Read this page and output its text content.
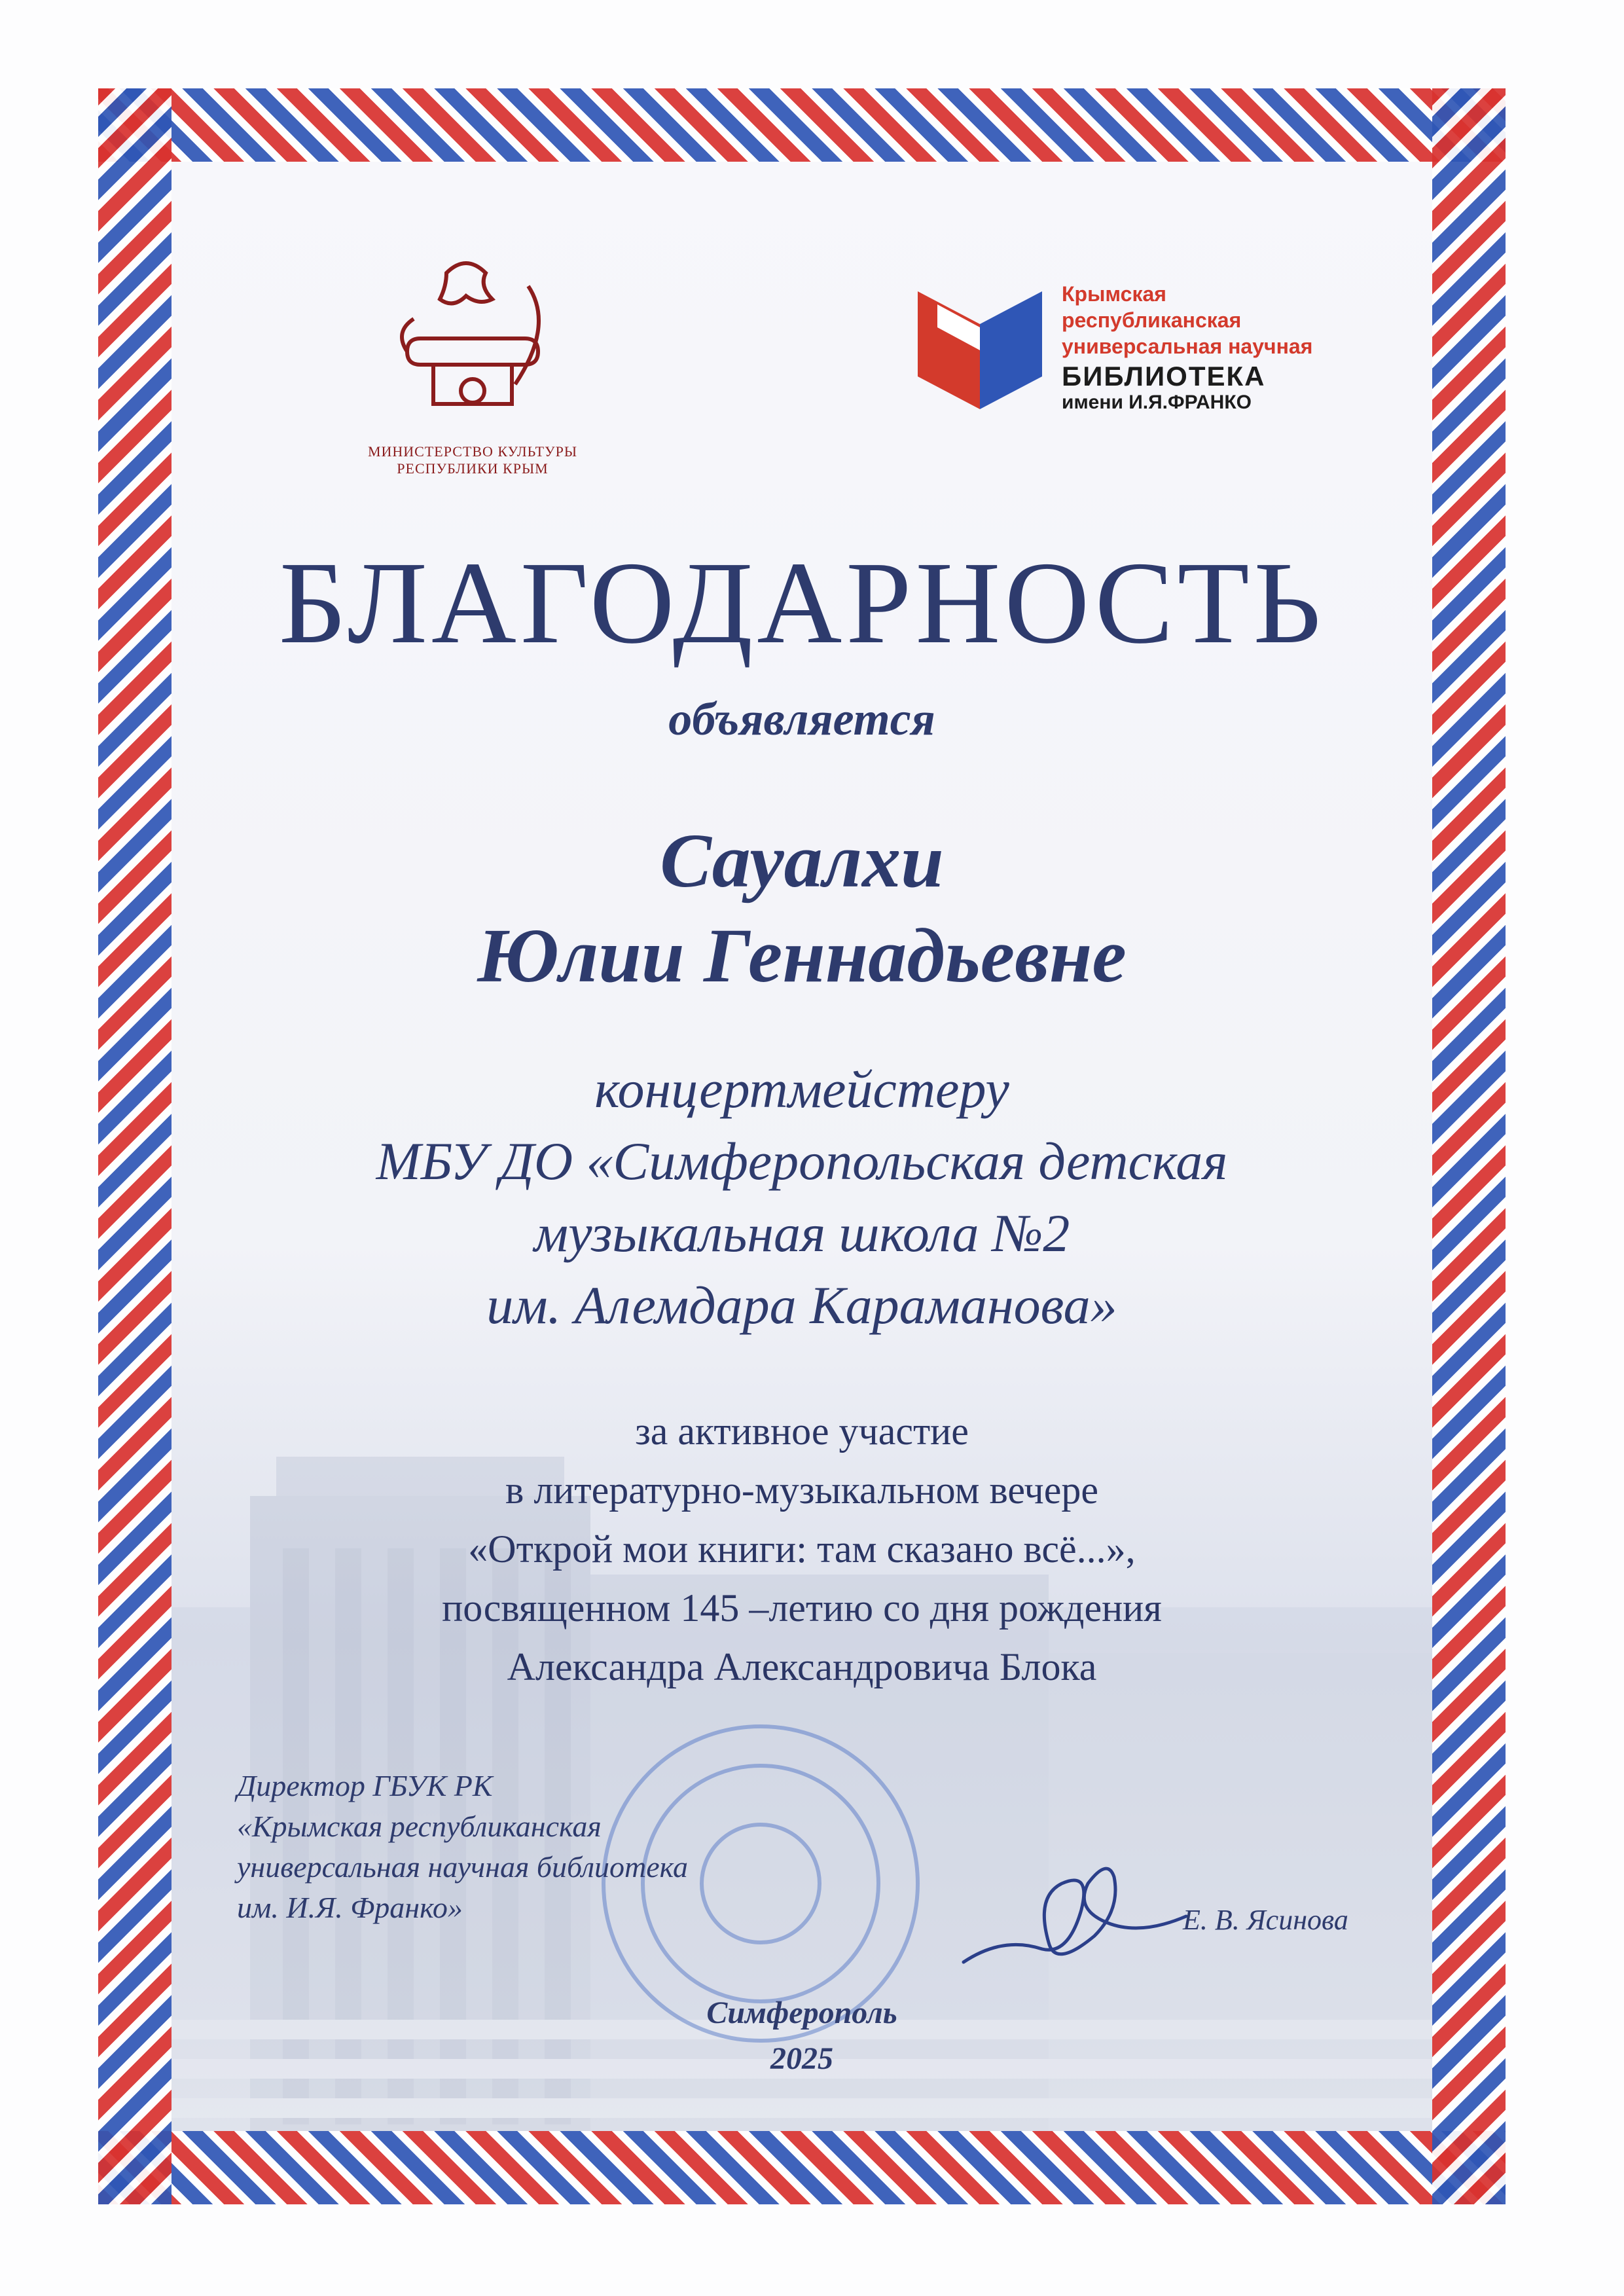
МИНИСТЕРСТВО КУЛЬТУРЫ
РЕСПУБЛИКИ КРЫМ
Крымская республиканская
универсальная научная
БИБЛИОТЕКА
имени И.Я.ФРАНКО
БЛАГОДАРНОСТЬ
объявляется
Сауалхи
Юлии Геннадьевне
концертмейстеру
МБУ ДО «Симферопольская детская
музыкальная школа №2
им. Алемдара Караманова»
за активное участие
в литературно-музыкальном вечере
«Открой мои книги: там сказано всё...»,
посвященном 145 –летию со дня рождения
Александра Александровича Блока
Директор ГБУК РК
«Крымская республиканская
универсальная научная библиотека
им. И.Я. Франко»	Е. В. Ясинова
Симферополь
2025
